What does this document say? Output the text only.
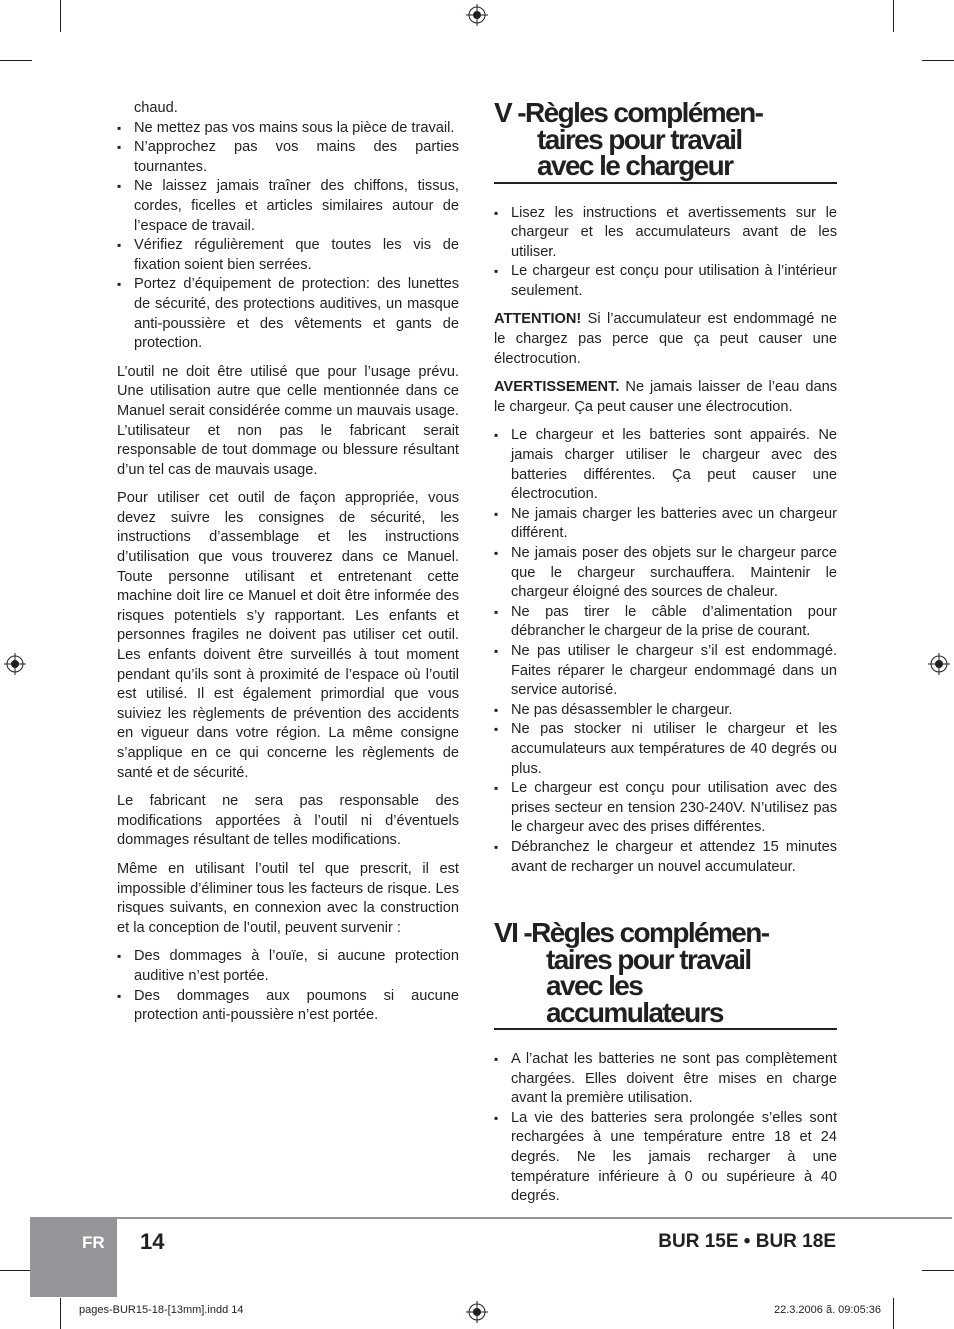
chaud.

▪ Ne mettez pas vos mains sous la pièce de travail.
▪ N’approchez pas vos mains des parties tournantes.
▪ Ne laissez jamais traîner des chiffons, tissus, cordes, ficelles et articles similaires autour de l’espace de travail.
▪ Vérifiez régulièrement que toutes les vis de fixation soient bien serrées.
▪ Portez d’équipement de protection: des lunettes de sécurité, des protections auditives, un masque anti-poussière et des vêtements et gants de protection.

L’outil ne doit être utilisé que pour l’usage prévu. Une utilisation autre que celle mentionnée dans ce Manuel serait considérée comme un mauvais usage. L’utilisateur et non pas le fabricant serait responsable de tout dommage ou blessure résultant d’un tel cas de mauvais usage.

Pour utiliser cet outil de façon appropriée, vous devez suivre les consignes de sécurité, les instructions d’assemblage et les instructions d’utilisation que vous trouverez dans ce Manuel. Toute personne utilisant et entretenant cette machine doit lire ce Manuel et doit être informée des risques potentiels s’y rapportant. Les enfants et personnes fragiles ne doivent pas utiliser cet outil. Les enfants doivent être surveillés à tout moment pendant qu’ils sont à proximité de l’espace où l’outil est utilisé. Il est également primordial que vous suiviez les règlements de prévention des accidents en vigueur dans votre région. La même consigne s’applique en ce qui concerne les règlements de santé et de sécurité.

Le fabricant ne sera pas responsable des modifications apportées à l’outil ni d’éventuels dommages résultant de telles modifications.

Même en utilisant l’outil tel que prescrit, il est impossible d’éliminer tous les facteurs de risque. Les risques suivants, en connexion avec la construction et la conception de l’outil, peuvent survenir :

▪ Des dommages à l’ouïe, si aucune protection auditive n’est portée.
▪ Des dommages aux poumons si aucune protection anti-poussière n’est portée.
V -Règles complémen-
taires pour travail
avec le chargeur
▪ Lisez les instructions et avertissements sur le chargeur et les accumulateurs avant de les utiliser.
▪ Le chargeur est conçu pour utilisation à l’intérieur seulement.

ATTENTION! Si l’accumulateur est endommagé ne le chargez pas perce que ça peut causer une électrocution.

AVERTISSEMENT. Ne jamais laisser de l’eau dans le chargeur. Ça peut causer une électrocution.

▪ Le chargeur et les batteries sont appairés. Ne jamais charger utiliser le chargeur avec des batteries différentes. Ça peut causer une électrocution.
▪ Ne jamais charger les batteries avec un chargeur différent.
▪ Ne jamais poser des objets sur le chargeur parce que le chargeur surchauffera. Maintenir le chargeur éloigné des sources de chaleur.
▪ Ne pas tirer le câble d’alimentation pour débrancher le chargeur de la prise de courant.
▪ Ne pas utiliser le chargeur s’il est endommagé. Faites réparer le chargeur endommagé dans un service autorisé.
▪ Ne pas désassembler le chargeur.
▪ Ne pas stocker ni utiliser le chargeur et les accumulateurs aux températures de 40 degrés ou plus.
▪ Le chargeur est conçu pour utilisation avec des prises secteur en tension 230-240V. N’utilisez pas le chargeur avec des prises différentes.
▪ Débranchez le chargeur et attendez 15 minutes avant de recharger un nouvel accumulateur.
VI -Règles complémen-
taires pour travail
avec les
accumulateurs
▪ A l’achat les batteries ne sont pas complètement chargées. Elles doivent être mises en charge avant la première utilisation.
▪ La vie des batteries sera prolongée s’elles sont rechargées à une température entre 18 et 24 degrés. Ne les jamais recharger à une température inférieure à 0 ou supérieure à 40 degrés.
FR 14	BUR 15E • BUR 18E
pages-BUR15-18-[13mm].indd 14	22.3.2006 ã. 09:05:36
